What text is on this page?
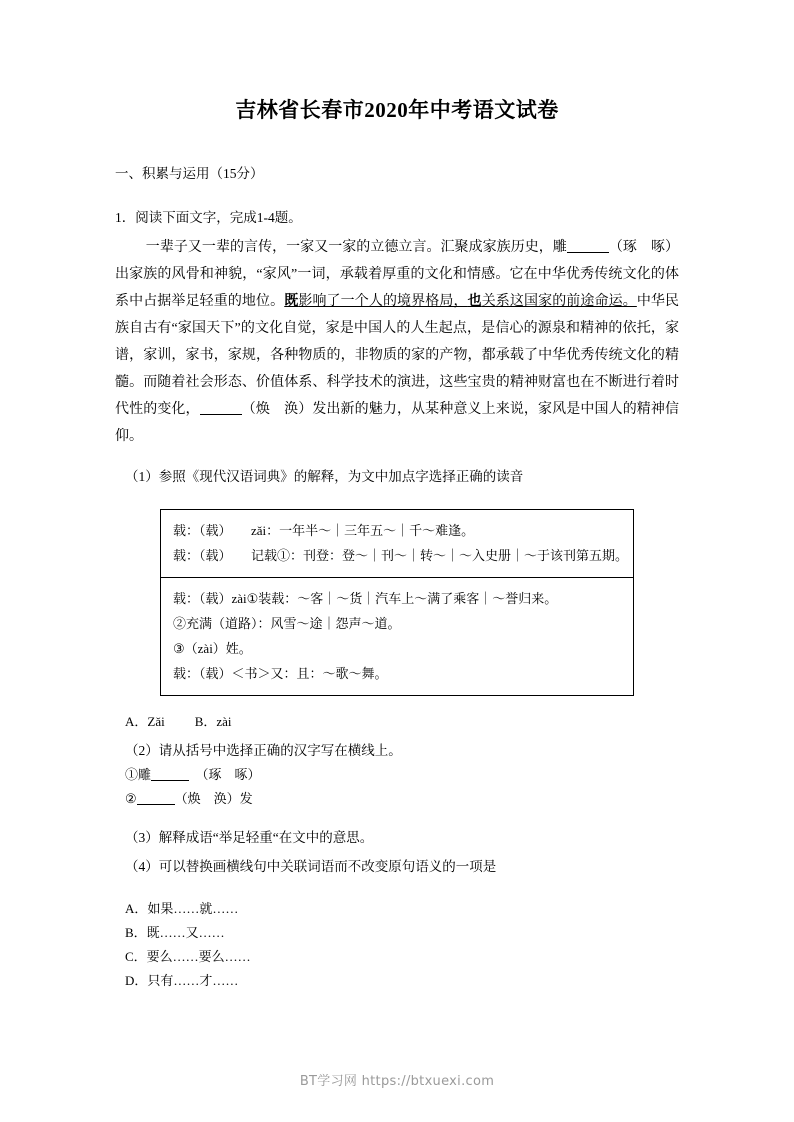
吉林省长春市2020年中考语文试卷

一、积累与运用（15分）

1．阅读下面文字，完成1-4题。

一辈子又一辈的言传，一家又一家的立德立言。汇聚成家族历史，雕	（琢　啄）出家族的风骨和神貌，“家风”一词，承载着厚重的文化和情感。它在中华优秀传统文化的体系中占据举足轻重的地位。既影响了一个人的境界格局，也关系这国家的前途命运。中华民族自古有“家国天下”的文化自觉，家是中国人的人生起点，是信心的源泉和精神的依托，家谱，家训，家书，家规，各种物质的，非物质的家的产物，都承载了中华优秀传统文化的精髓。而随着社会形态、价值体系、科学技术的演进，这些宝贵的精神财富也在不断进行着时代性的变化，	（焕　涣）发出新的魅力，从某种意义上来说，家风是中国人的精神信仰。

（1）参照《现代汉语词典》的解释，为文中加点字选择正确的读音

载：（载）　　zǎi：一年半～｜三年五～｜千～难逢。
载：（载）　　记载①：刊登：登～｜刊～｜转～｜～入史册｜～于该刊第五期。
载：（载）zài①装载：～客｜～货｜汽车上～满了乘客｜～誉归来。
②充满（道路）：风雪～途｜怨声～道。
③（zài）姓。
载：（载）＜书＞又：且：～歌～舞。

A．Zǎi B．zài

（2）请从括号中选择正确的汉字写在横线上。

①雕　	（琢　啄）

②	（焕　涣）发

（3）解释成语“举足轻重“在文中的意思。

（4）可以替换画横线句中关联词语而不改变原句语义的一项是

A．如果……就……

B．既……又……

C．要么……要么……

D．只有……才……

BT学习网 https://btxuexi.com
